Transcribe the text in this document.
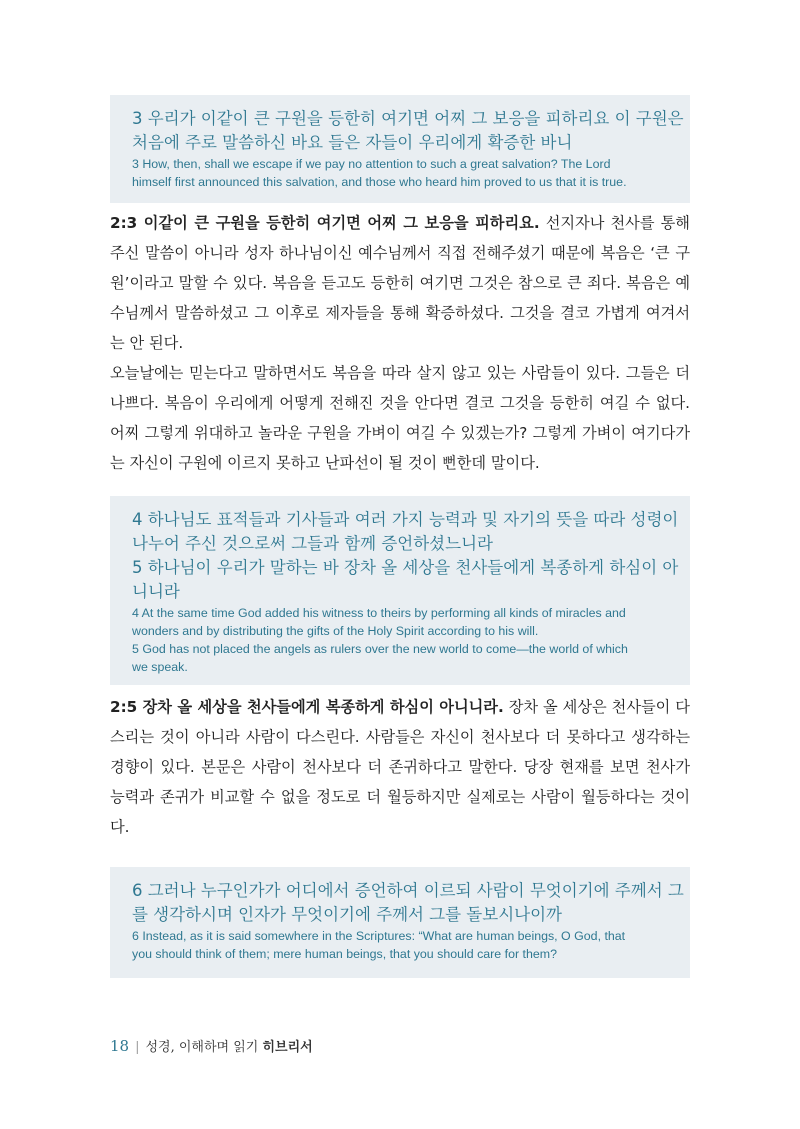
3 우리가 이같이 큰 구원을 등한히 여기면 어찌 그 보응을 피하리요 이 구원은

처음에 주로 말씀하신 바요 들은 자들이 우리에게 확증한 바니

3 How, then, shall we escape if we pay no attention to such a great salvation? The Lord

himself first announced this salvation, and those who heard him proved to us that it is true.

2:3 이같이 큰 구원을 등한히 여기면 어찌 그 보응을 피하리요. 선지자나 천사를 통해 주신 말씀이 아니라 성자 하나님이신 예수님께서 직접 전해주셨기 때문에 복음은 ‘큰 구원’이라고 말할 수 있다. 복음을 듣고도 등한히 여기면 그것은 참으로 큰 죄다. 복음은 예수님께서 말씀하셨고 그 이후로 제자들을 통해 확증하셨다. 그것을 결코 가볍게 여겨서는 안 된다.

오늘날에는 믿는다고 말하면서도 복음을 따라 살지 않고 있는 사람들이 있다. 그들은 더 나쁘다. 복음이 우리에게 어떻게 전해진 것을 안다면 결코 그것을 등한히 여길 수 없다. 어찌 그렇게 위대하고 놀라운 구원을 가벼이 여길 수 있겠는가? 그렇게 가벼이 여기다가는 자신이 구원에 이르지 못하고 난파선이 될 것이 뻔한데 말이다.

4 하나님도 표적들과 기사들과 여러 가지 능력과 및 자기의 뜻을 따라 성령이

나누어 주신 것으로써 그들과 함께 증언하셨느니라

5 하나님이 우리가 말하는 바 장차 올 세상을 천사들에게 복종하게 하심이 아

니니라

4 At the same time God added his witness to theirs by performing all kinds of miracles and

wonders and by distributing the gifts of the Holy Spirit according to his will.

5 God has not placed the angels as rulers over the new world to come—the world of which

we speak.

2:5 장차 올 세상을 천사들에게 복종하게 하심이 아니니라. 장차 올 세상은 천사들이 다스리는 것이 아니라 사람이 다스린다. 사람들은 자신이 천사보다 더 못하다고 생각하는 경향이 있다. 본문은 사람이 천사보다 더 존귀하다고 말한다. 당장 현재를 보면 천사가 능력과 존귀가 비교할 수 없을 정도로 더 월등하지만 실제로는 사람이 월등하다는 것이다.

6 그러나 누구인가가 어디에서 증언하여 이르되 사람이 무엇이기에 주께서 그

를 생각하시며 인자가 무엇이기에 주께서 그를 돌보시나이까

6 Instead, as it is said somewhere in the Scriptures: “What are human beings, O God, that

you should think of them; mere human beings, that you should care for them?

18 | 성경, 이해하며 읽기 히브리서
